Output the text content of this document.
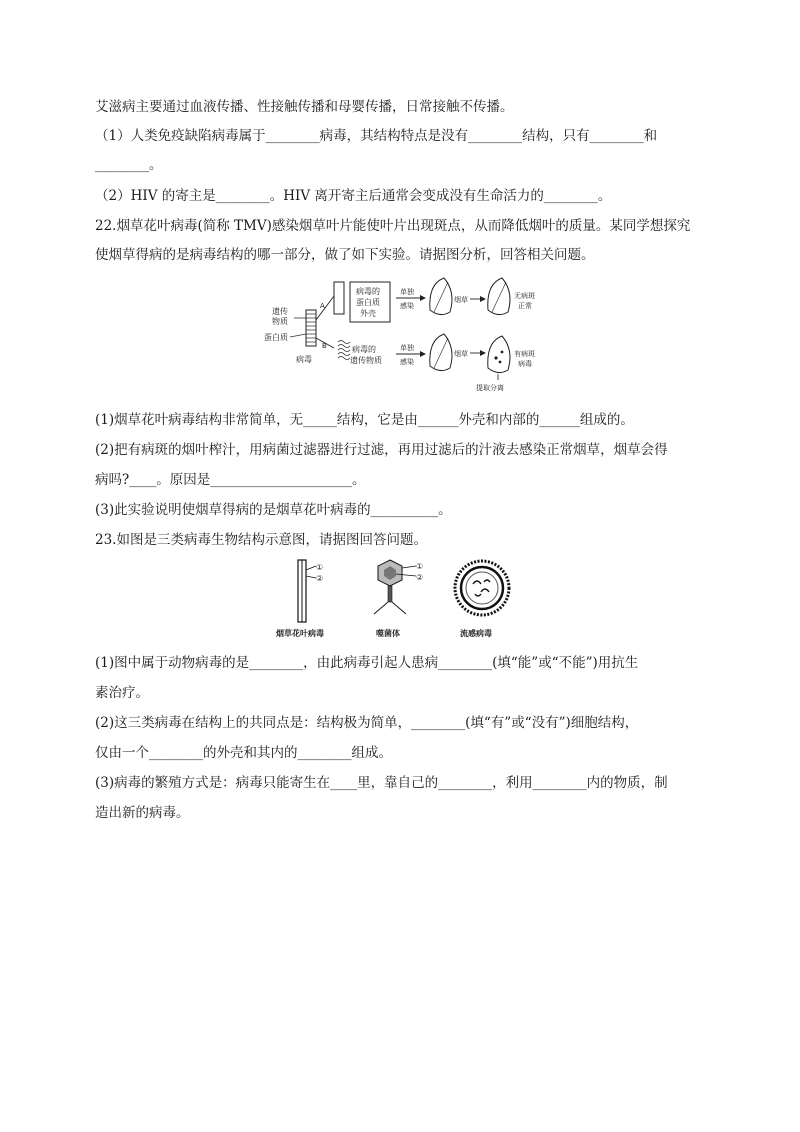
艾滋病主要通过血液传播、性接触传播和母婴传播，日常接触不传播。
（1）人类免疫缺陷病毒属于________病毒，其结构特点是没有________结构，只有________和
________。
（2）HIV 的寄主是________。HIV 离开寄主后通常会变成没有生命活力的________。
22.烟草花叶病毒(简称 TMV)感染烟草叶片能使叶片出现斑点，从而降低烟叶的质量。某同学想探究
使烟草得病的是病毒结构的哪一部分，做了如下实验。请据图分析，回答相关问题。
遗传
物质
蛋白质
病毒
A
B
病毒的
蛋白质
外壳
病毒的
遗传物质
单独
感染
单独
感染
烟草	无病斑
正常
烟草	有病斑
病毒
提取分离
(1)烟草花叶病毒结构非常简单，无_____结构，它是由______外壳和内部的______组成的。
(2)把有病斑的烟叶榨汁，用病菌过滤器进行过滤，再用过滤后的汁液去感染正常烟草，烟草会得
病吗?____。原因是_____________________。
(3)此实验说明使烟草得病的是烟草花叶病毒的__________。
23.如图是三类病毒生物结构示意图，请据图回答问题。
①
②
烟草花叶病毒
①
②
噬菌体	流感病毒
(1)图中属于动物病毒的是________，由此病毒引起人患病________(填“能”或“不能”)用抗生
素治疗。
(2)这三类病毒在结构上的共同点是：结构极为简单，________(填“有”或“没有”)细胞结构，
仅由一个________的外壳和其内的________组成。
(3)病毒的繁殖方式是：病毒只能寄生在____里，靠自己的________，利用________内的物质，制
造出新的病毒。
